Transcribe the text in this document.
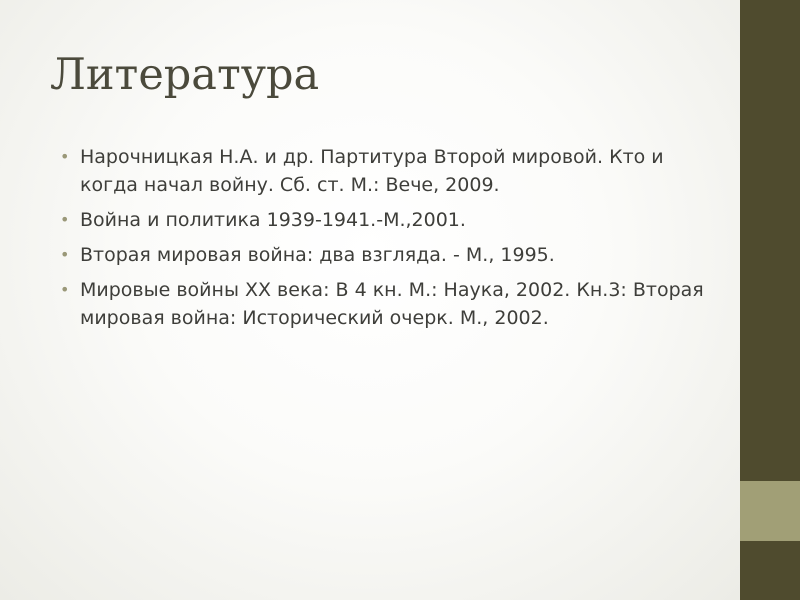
Литература
• Нарочницкая Н.А. и др. Партитура Второй мировой. Кто и когда начал войну. Сб. ст. М.: Вече, 2009.
• Война и политика 1939-1941.-М.,2001.
• Вторая мировая война: два взгляда. - М., 1995.
• Мировые войны XX века: В 4 кн. М.: Наука, 2002. Кн.3: Вторая мировая война: Исторический очерк. М., 2002.
